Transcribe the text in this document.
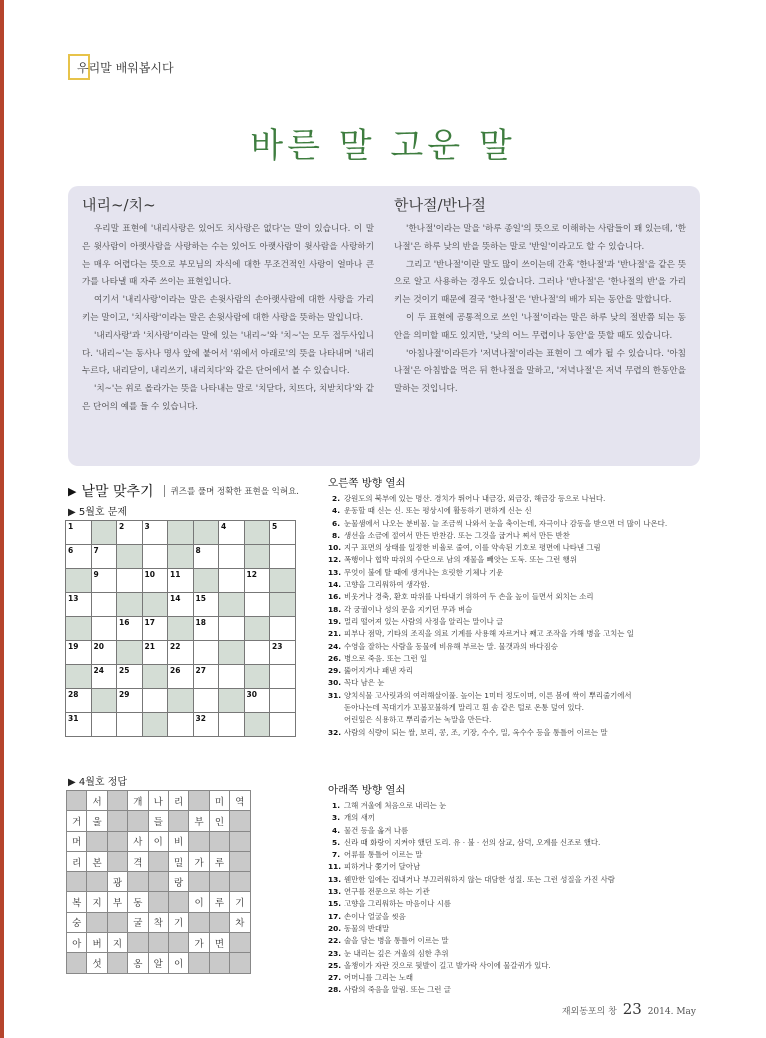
우리말 배워봅시다
바른 말 고운 말
내리~/치~

우리말 표현에 '내리사랑은 있어도 치사랑은 없다'는 말이 있습니다. 이 말은 윗사람이 아랫사람을 사랑하는 수는 있어도 아랫사람이 윗사람을 사랑하기는 매우 어렵다는 뜻으로 부모님의 자식에 대한 무조건적인 사랑이 얼마나 큰가를 나타낼 때 자주 쓰이는 표현입니다.

여기서 '내리사랑'이라는 말은 손윗사람의 손아랫사람에 대한 사랑을 가리키는 말이고, '치사랑'이라는 말은 손윗사람에 대한 사랑을 뜻하는 말입니다.

'내리사랑'과 '치사랑'이라는 말에 있는 '내리~'와 '치~'는 모두 접두사입니다. '내리~'는 동사나 명사 앞에 붙어서 '위에서 아래로'의 뜻을 나타내며 '내리누르다, 내리닫이, 내리쓰기, 내리치다'와 같은 단어에서 볼 수 있습니다.

'치~'는 위로 올라가는 뜻을 나타내는 말로 '치닫다, 치뜨다, 치받치다'와 같은 단어의 예를 들 수 있습니다.

한나절/반나절

'한나절'이라는 말을 '하루 종일'의 뜻으로 이해하는 사람들이 꽤 있는데, '한나절'은 하루 낮의 반을 뜻하는 말로 '반일'이라고도 할 수 있습니다.

그리고 '반나절'이란 말도 많이 쓰이는데 간혹 '한나절'과 '반나절'을 같은 뜻으로 알고 사용하는 경우도 있습니다. 그러나 '반나절'은 '한나절의 반'을 가리키는 것이기 때문에 결국 '한나절'은 '반나절'의 배가 되는 동안을 말합니다.

이 두 표현에 공통적으로 쓰인 '나절'이라는 말은 하루 낮의 절반쯤 되는 동안을 의미할 때도 있지만, '낮의 어느 무렵이나 동안'을 뜻할 때도 있습니다.

'아침나절'이라든가 '저녁나절'이라는 표현이 그 예가 될 수 있습니다. '아침나절'은 아침밥을 먹은 뒤 한나절을 말하고, '저녁나절'은 저녁 무렵의 한동안을 말하는 것입니다.

▶ 낱말 맞추기	퀴즈를 풀며 정확한 표현을 익혀요.
▶ 5월호 문제
1		2	3			4		5

6	7				8			

	9		10	11			12	

13				14	15			

		16	17		18			

19	20		21	22				23

	24	25		26	27			

28		29					30	

31					32			

▶ 4월호 정답
	서		개	나	리		미	역
거	울			들		부	인	
머			사	이	비			
리	본		격		밀	가	루	
		광			랑			
복	지	부	동			이	루	기
숭			굴	착	기			차
아	버	지				가	면	
	섯		옹	알	이			
오른쪽 방향 열쇠
2. 강원도의 북부에 있는 명산. 경치가 뛰어나 내금강, 외금강, 해금강 등으로 나뉜다.
4. 운동할 때 신는 신. 또는 평상시에 활동하기 편하게 신는 신
6. 눈물샘에서 나오는 분비물. 늘 조금씩 나와서 눈을 축이는데, 자극이나 감동을 받으면 더 많이 나온다.
8. 생선을 소금에 절여서 만든 반찬감. 또는 그것을 굽거나 쪄서 만든 반찬
10. 지구 표면의 상태를 일정한 비율로 줄여, 이를 약속된 기호로 평면에 나타낸 그림
12. 폭행이나 협박 따위의 수단으로 남의 재물을 빼앗는 도둑. 또는 그런 행위
13. 무엇이 불에 탈 때에 생겨나는 흐릿한 기체나 기운
14. 고향을 그리워하여 생각함.
16. 비웃거나 경축, 환호 따위를 나타내기 위하여 두 손을 높이 들면서 외치는 소리
18. 각 궁궐이나 성의 문을 지키던 무과 벼슬
19. 멀리 떨어져 있는 사람의 사정을 알리는 말이나 글
21. 피부나 점막, 기타의 조직을 의료 기계를 사용해 자르거나 째고 조작을 가해 병을 고치는 일
24. 수영을 잘하는 사람을 동물에 비유해 부르는 말. 물갯과의 바다짐승
26. 병으로 죽음. 또는 그런 일
29. 뚫어지거나 패낸 자리
30. 꼭다 남은 눈
31. 양치식물 고사릿과의 여러해살이풀. 높이는 1미터 정도이며, 이른 봄에 싹이 뿌리줄기에서
돋아나는데 꼭대기가 꼬불꼬불하게 말리고 흰 솜 같은 털로 온통 덮여 있다.
어린잎은 식용하고 뿌리줄기는 녹말을 만든다.
32. 사람의 식량이 되는 쌀, 보리, 콩, 조, 기장, 수수, 밀, 옥수수 등을 통틀어 이르는 말
아래쪽 방향 열쇠
1. 그해 겨울에 처음으로 내리는 눈
3. 개의 새끼
4. 물건 등을 옮겨 나름
5. 신라 때 화랑이 지켜야 했던 도리. 유 · 불 · 선의 삼교, 삼덕, 오계를 신조로 했다.
7. 어류를 통틀어 이르는 말
11. 피하거나 쫓기어 달아남
13. 웬만한 일에는 겁내거나 부끄러워하지 않는 대담한 성질. 또는 그런 성질을 가진 사람
13. 연구를 전문으로 하는 기관
15. 고향을 그리워하는 마음이나 시름
17. 손이나 얼굴을 씻음
20. 동물의 반대말
22. 술을 담는 병을 통틀어 이르는 말
23. 눈 내리는 깊은 겨울의 심한 추위
25. 올챙이가 자란 것으로 뒷발이 길고 발가락 사이에 물갈퀴가 있다.
27. 어머니를 그리는 노래
28. 사람의 죽음을 알림. 또는 그런 글
재외동포의 창 23 2014. May
